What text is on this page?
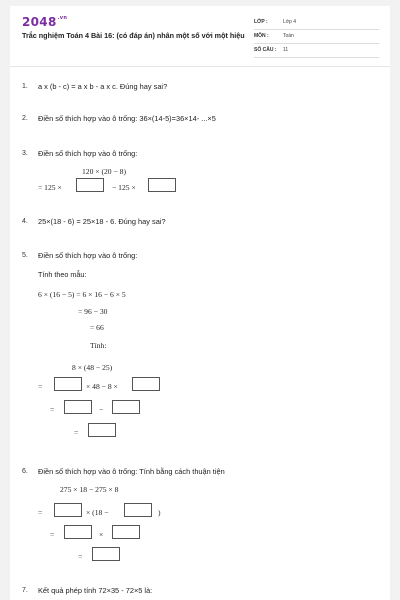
$2048^{.vn}$
Trắc nghiệm Toán 4 Bài 16: (có đáp án) nhân một số với một hiệu
LỚP :	Lớp 4
MÔN :	Toán
SỐ CÂU : 11
1. a x (b - c) = a x b - a x c. Đúng hay sai?
2. Điền số thích hợp vào ô trống: 36×(14-5)=36×14- ...×5
3. Điền số thích hợp vào ô trống:
120 × (20 − 8)
= 125 ×	− 125 ×
4. 25×(18 - 6) = 25×18 - 6. Đúng hay sai?
5. Điền số thích hợp vào ô trống:
Tính theo mẫu:
6 × (16 − 5) = 6 × 16 − 6 × 5
= 96 − 30
= 66
Tính:
8 × (48 − 25)
=	× 48 − 8 ×
=	−
=
6. Điền số thích hợp vào ô trống: Tính bằng cách thuận tiện
275 × 18 − 275 × 8
=	× (18 −	)
=	×
=
7. Kết quả phép tính 72×35 - 72×5 là:
